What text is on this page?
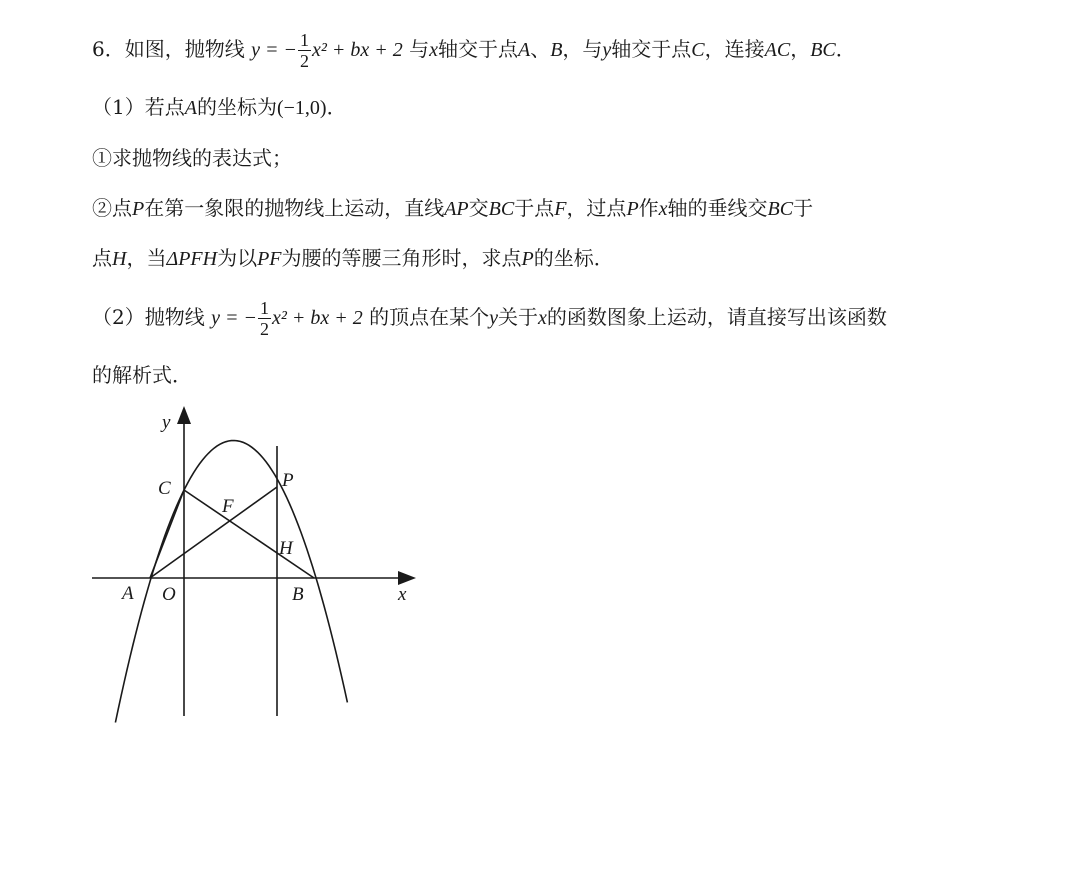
6．如图，抛物线 y = − $\frac{1}{2} x^2$ + bx + 2 与x轴交于点A、B，与y轴交于点C，连接AC，BC．
（1）若点A的坐标为(−1,0)．
①求抛物线的表达式；
②点P在第一象限的抛物线上运动，直线AP交BC于点F，过点P作x轴的垂线交BC于
点H，当ΔPFH为以PF为腰的等腰三角形时，求点P的坐标．
（2）抛物线 y = − $\frac{1}{2} x^2$ + bx + 2 的顶点在某个y关于x的函数图象上运动，请直接写出该函数
的解析式．
y
x
C	P
F
H
A O	B
